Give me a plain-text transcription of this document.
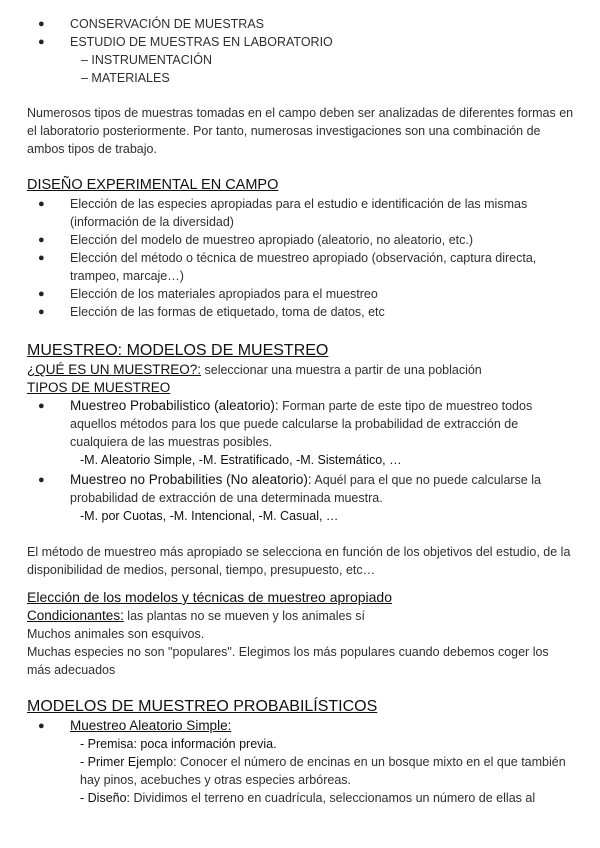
● CONSERVACIÓN DE MUESTRAS
● ESTUDIO DE MUESTRAS EN LABORATORIO
– INSTRUMENTACIÓN
– MATERIALES

Numerosos tipos de muestras tomadas en el campo deben ser analizadas de diferentes formas en el laboratorio posteriormente. Por tanto, numerosas investigaciones son una combinación de ambos tipos de trabajo.

DISEÑO EXPERIMENTAL EN CAMPO
● Elección de las especies apropiadas para el estudio e identificación de las mismas (información de la diversidad)
● Elección del modelo de muestreo apropiado (aleatorio, no aleatorio, etc.)
● Elección del método o técnica de muestreo apropiado (observación, captura directa, trampeo, marcaje…)
● Elección de los materiales apropiados para el muestreo
● Elección de las formas de etiquetado, toma de datos, etc
MUESTREO: MODELOS DE MUESTREO
¿QUÉ ES UN MUESTREO?: seleccionar una muestra a partir de una población
TIPOS DE MUESTREO
● Muestreo Probabilistico (aleatorio): Forman parte de este tipo de muestreo todos aquellos métodos para los que puede calcularse la probabilidad de extracción de cualquiera de las muestras posibles.
-M. Aleatorio Simple, -M. Estratificado, -M. Sistemático, …
● Muestreo no Probabilities (No aleatorio): Aquél para el que no puede calcularse la probabilidad de extracción de una determinada muestra.
-M. por Cuotas, -M. Intencional, -M. Casual, …

El método de muestreo más apropiado se selecciona en función de los objetivos del estudio, de la disponibilidad de medios, personal, tiempo, presupuesto, etc…

Elección de los modelos y técnicas de muestreo apropiado
Condicionantes: las plantas no se mueven y los animales sí
Muchos animales son esquivos.
Muchas especies no son "populares". Elegimos los más populares cuando debemos coger los más adecuados
MODELOS DE MUESTREO PROBABILÍSTICOS
● Muestreo Aleatorio Simple:
- Premisa: poca información previa.
- Primer Ejemplo: Conocer el número de encinas en un bosque mixto en el que también hay pinos, acebuches y otras especies arbóreas.
- Diseño: Dividimos el terreno en cuadrícula, seleccionamos un número de ellas al
